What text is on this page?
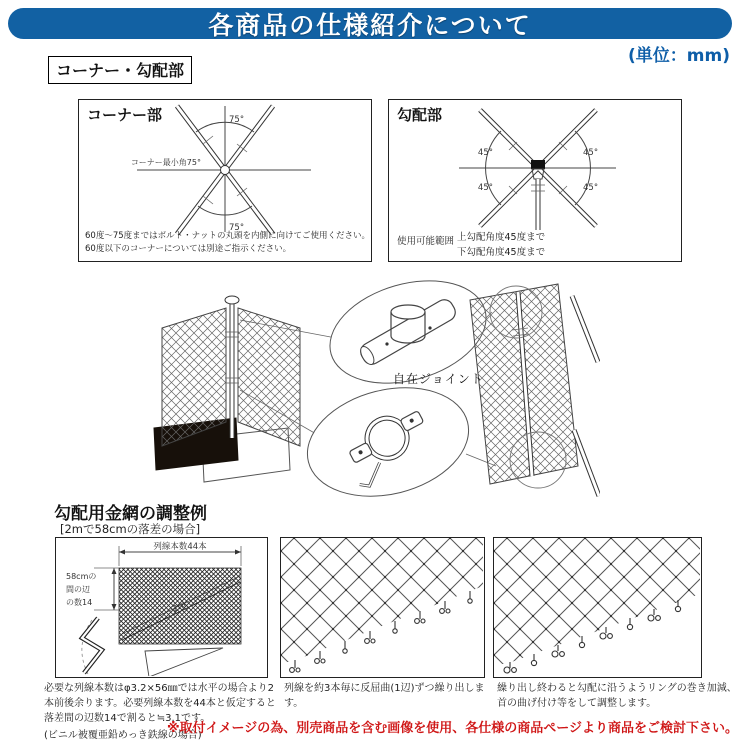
各商品の仕様紹介について
(単位：mm)
コーナー・勾配部
75°
75°
コーナー最小角75°
コーナー部
60度〜75度まではボルト・ナットの丸頭を内側に向けてご使用ください。
60度以下のコーナーについては別途ご指示ください。
45°	45°
45°	45°
勾配部
使用可能範囲 上勾配角度45度まで
下勾配角度45度まで
自在ジョイント
勾配用金網の調整例
[2mで58cmの落差の場合]
列線本数44本
58cmの
間の辺
の数14	2m
必要な列線本数はφ3.2×56㎜では水平の場合より2本前後余ります。必要列線本数を44本と仮定すると落差間の辺数14で割ると≒3.1です。
(ビニル被覆亜鉛めっき鉄線の場合)
列線を約3本毎に反屈曲(1辺)ずつ繰り出します。
繰り出し終わると勾配に沿うようリングの巻き加減、首の曲げ付け等をして調整します。
※取付イメージの為、別売商品を含む画像を使用、各仕様の商品ページより商品をご検討下さい。
